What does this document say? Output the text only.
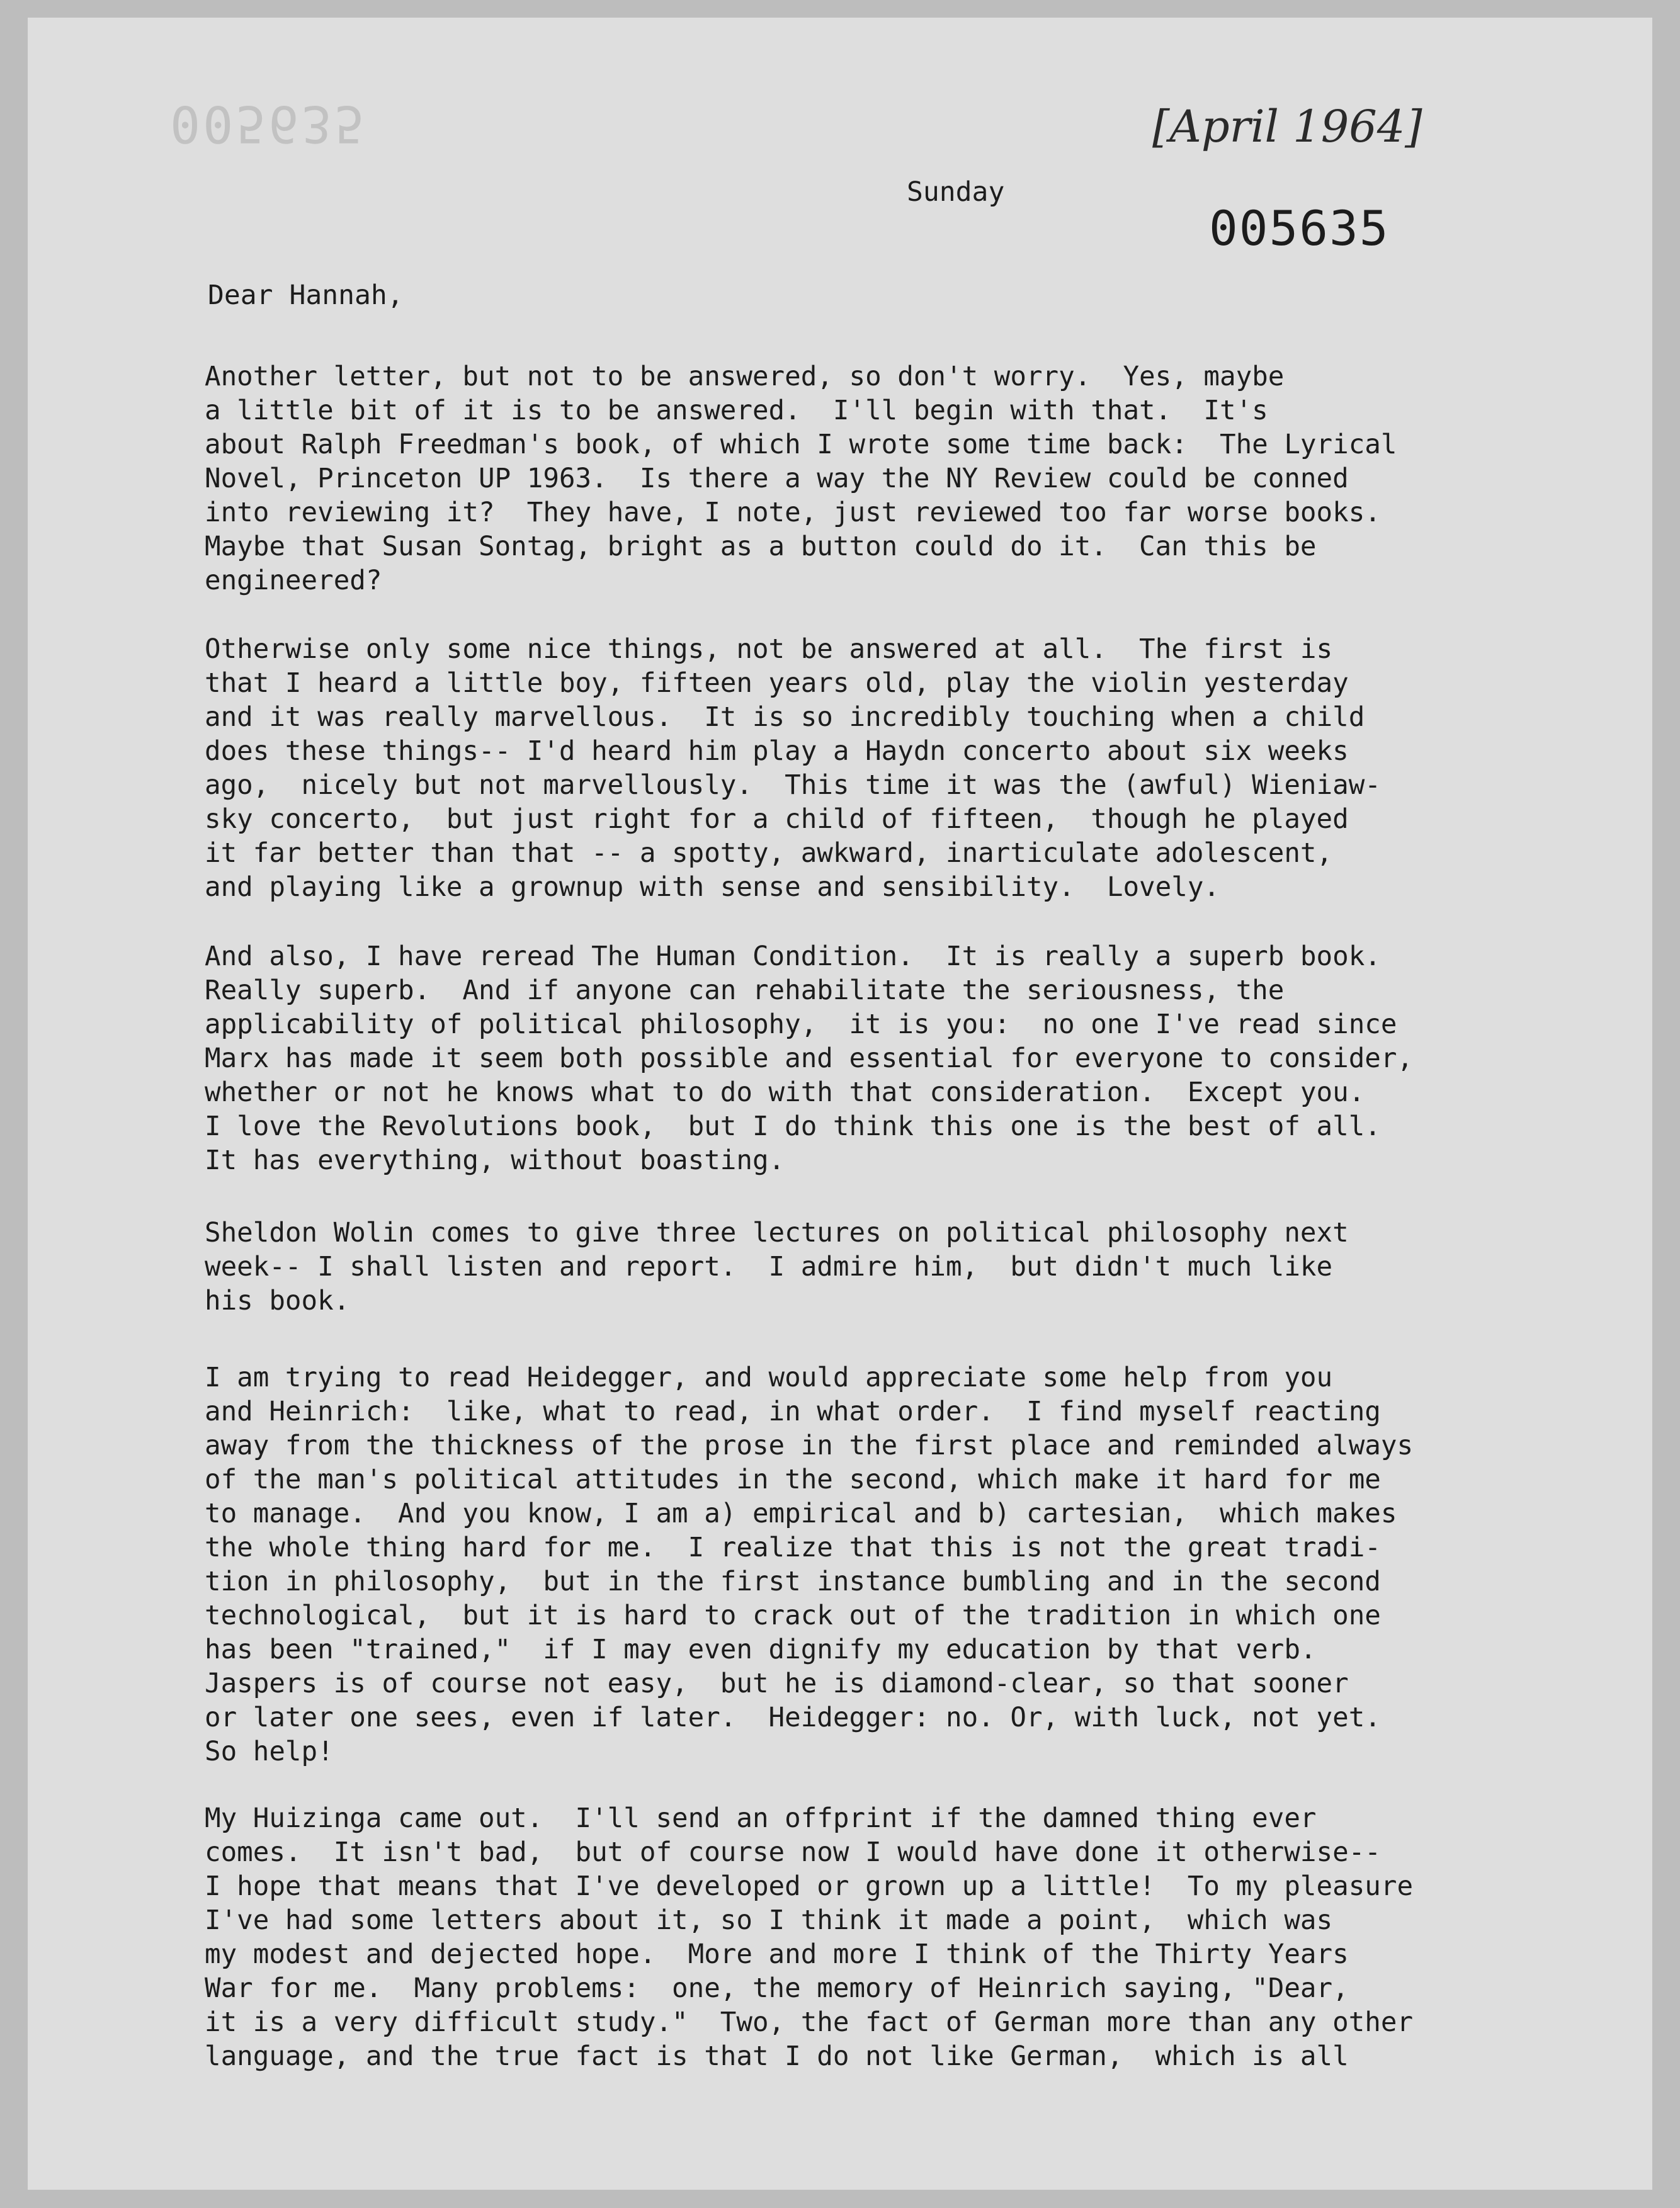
005635	[April 1964]
005635
Sunday
Dear Hannah,

Another letter, but not to be answered, so don't worry.  Yes, maybe
a little bit of it is to be answered.  I'll begin with that.  It's
about Ralph Freedman's book, of which I wrote some time back:  The Lyrical
Novel, Princeton UP 1963.  Is there a way the NY Review could be conned
into reviewing it?  They have, I note, just reviewed too far worse books.
Maybe that Susan Sontag, bright as a button could do it.  Can this be
engineered?

Otherwise only some nice things, not be answered at all.  The first is
that I heard a little boy, fifteen years old, play the violin yesterday
and it was really marvellous.  It is so incredibly touching when a child
does these things-- I'd heard him play a Haydn concerto about six weeks
ago,  nicely but not marvellously.  This time it was the (awful) Wieniaw-
sky concerto,  but just right for a child of fifteen,  though he played
it far better than that -- a spotty, awkward, inarticulate adolescent,
and playing like a grownup with sense and sensibility.  Lovely.

And also, I have reread The Human Condition.  It is really a superb book.
Really superb.  And if anyone can rehabilitate the seriousness, the
applicability of political philosophy,  it is you:  no one I've read since
Marx has made it seem both possible and essential for everyone to consider,
whether or not he knows what to do with that consideration.  Except you.
I love the Revolutions book,  but I do think this one is the best of all.
It has everything, without boasting.

Sheldon Wolin comes to give three lectures on political philosophy next
week-- I shall listen and report.  I admire him,  but didn't much like
his book.

I am trying to read Heidegger, and would appreciate some help from you
and Heinrich:  like, what to read, in what order.  I find myself reacting
away from the thickness of the prose in the first place and reminded always
of the man's political attitudes in the second, which make it hard for me
to manage.  And you know, I am a) empirical and b) cartesian,  which makes
the whole thing hard for me.  I realize that this is not the great tradi-
tion in philosophy,  but in the first instance bumbling and in the second
technological,  but it is hard to crack out of the tradition in which one
has been "trained,"  if I may even dignify my education by that verb.
Jaspers is of course not easy,  but he is diamond-clear, so that sooner
or later one sees, even if later.  Heidegger: no. Or, with luck, not yet.
So help!

My Huizinga came out.  I'll send an offprint if the damned thing ever
comes.  It isn't bad,  but of course now I would have done it otherwise--
I hope that means that I've developed or grown up a little!  To my pleasure
I've had some letters about it, so I think it made a point,  which was
my modest and dejected hope.  More and more I think of the Thirty Years
War for me.  Many problems:  one, the memory of Heinrich saying, "Dear,
it is a very difficult study."  Two, the fact of German more than any other
language, and the true fact is that I do not like German,  which is all
